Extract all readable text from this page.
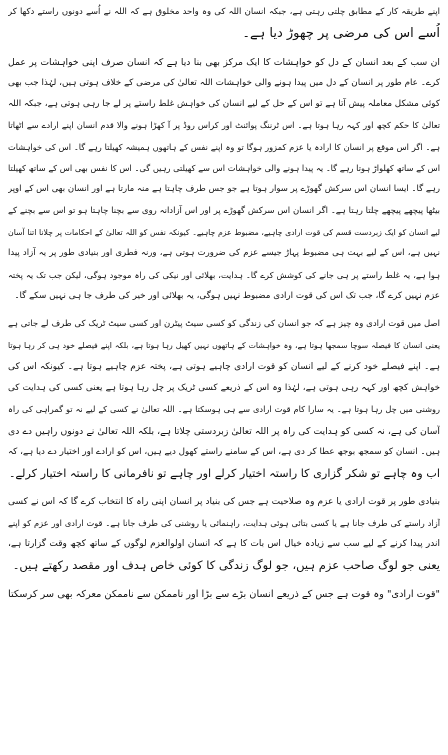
اپنے طریقہ کار کے مطابق چلتی رہتی ہے، جبکہ انسان اللہ کی وہ واحد مخلوق ہے کہ اللہ نے اُسے دونوں راستے دکھا کر
اُسے اس کی مرضی پر چھوڑ دیا ہے۔
ان سب کے بعد انسان کے دل کو خواہشات کا ایک مرکز بھی بنا دیا ہے کہ انسان صرف اپنی خواہشات پر عمل
کرے۔ عام طور پر انسان کے دل میں پیدا ہونے والی خواہشات اللہ تعالیٰ کی مرضی کے خلاف ہوتی ہیں، لہٰذا جب بھی
کوئی مشکل معاملہ پیش آتا ہے تو اس کے حل کے لیے انسان کی خواہش غلط راستے پر لے جا رہی ہوتی ہے، جبکہ اللہ
تعالیٰ کا حکم کچھ اور کہہ رہا ہوتا ہے۔ اس ٹرننگ پوائنٹ اور کراس روڈ پر آ کھڑا ہونے والا قدم انسان اپنے ارادے سے اٹھاتا
ہے۔ اگر اس موقع پر انسان کا ارادہ یا عزم کمزور ہوگا تو وہ اپنے نفس کے ہاتھوں ہمیشہ کھیلتا رہے گا۔ اس کی خواہشات
اس کے ساتھ کھلواڑ ہوتا رہے گا۔ یہ پیدا ہونے والی خواہشات اس سے کھیلتی رہیں گی۔ اس کا نفس بھی اس کے ساتھ کھیلتا
رہے گا۔ ایسا انسان اس سرکش گھوڑے پر سوار ہوتا ہے جو جس طرف چاہتا ہے منہ مارتا ہے اور انسان بھی اس کے اوپر
بیٹھا پیچھے پیچھے چلتا رہتا ہے۔ اگر انسان اس سرکش گھوڑے پر اور اس آزادانہ روی سے بچنا چاہتا ہو تو اس سے بچنے کے
لیے انسان کو ایک زبردست قسم کی قوت ارادی چاہیے، مضبوط عزم چاہیے۔ کیونکہ نفس کو اللہ تعالیٰ کے احکامات پر چلانا اتنا آسان
نہیں ہے، اس کے لیے بہت ہی مضبوط پہاڑ جیسے عزم کی ضرورت ہوتی ہے، ورنہ فطری اور بنیادی طور پر یہ آزاد پیدا
ہوا ہے، یہ غلط راستے پر ہی جانے کی کوشش کرے گا۔ ہدایت، بھلائی اور نیکی کی راہ موجود ہوگی، لیکن جب تک یہ پختہ
عزم نہیں کرے گا، جب تک اس کی قوت ارادی مضبوط نہیں ہوگی، یہ بھلائی اور خیر کی طرف جا ہی نہیں سکے گا۔
اصل میں قوت ارادی وہ چیز ہے کہ جو انسان کی زندگی کو کسی سیٹ پیٹرن اور کسی سیٹ ٹریک کی طرف لے جاتی ہے
یعنی انسان کا فیصلہ سوچا سمجھا ہوتا ہے، وہ خواہشات کے ہاتھوں نہیں کھیل رہا ہوتا ہے، بلکہ اپنے فیصلے خود ہی کر رہا ہوتا
ہے۔ اپنے فیصلے خود کرنے کے لیے انسان کو قوت ارادی چاہیے ہوتی ہے، پختہ عزم چاہیے ہوتا ہے۔ کیونکہ اس کی
خواہش کچھ اور کہہ رہی ہوتی ہے، لہٰذا وہ اس کے ذریعے کسی ٹریک پر چل رہا ہوتا ہے یعنی کسی کی ہدایت کی
روشنی میں چل رہا ہوتا ہے۔ یہ سارا کام قوت ارادی سے ہی ہوسکتا ہے۔ اللہ تعالیٰ نے کسی کے لیے نہ تو گمراہی کی راہ
آسان کی ہے، نہ کسی کو ہدایت کی راہ پر اللہ تعالیٰ زبردستی چلاتا ہے، بلکہ اللہ تعالیٰ نے دونوں راہیں دے دی
ہیں۔ انسان کو سمجھ بوجھ عطا کر دی ہے، اس کے سامنے راستے کھول دیے ہیں، اس کو ارادے اور اختیار دے دیا ہے، کہ
اب وہ چاہے تو شکر گزاری کا راستہ اختیار کرلے اور چاہے تو نافرمانی کا راستہ اختیار کرلے۔
بنیادی طور پر قوت ارادی یا عزم وہ صلاحیت ہے جس کی بنیاد پر انسان اپنی راہ کا انتخاب کرے گا کہ اس نے کسی
آزاد راستے کی طرف جانا ہے یا کسی بتائی ہوئی ہدایت، راہنمائی یا روشنی کی طرف جانا ہے۔ قوت ارادی اور عزم کو اپنے
اندر پیدا کرنے کے لیے سب سے زیادہ خیال اس بات کا ہے کہ انسان اولوالعزم لوگوں کے ساتھ کچھ وقت گزارتا ہے،
یعنی جو لوگ صاحب عزم ہیں، جو لوگ زندگی کا کوئی خاص ہدف اور مقصد رکھتے ہیں۔
"قوت ارادی" وہ قوت ہے جس کے ذریعے انسان بڑے سے بڑا اور ناممکن سے ناممکن معرکہ بھی سر کرسکتا
